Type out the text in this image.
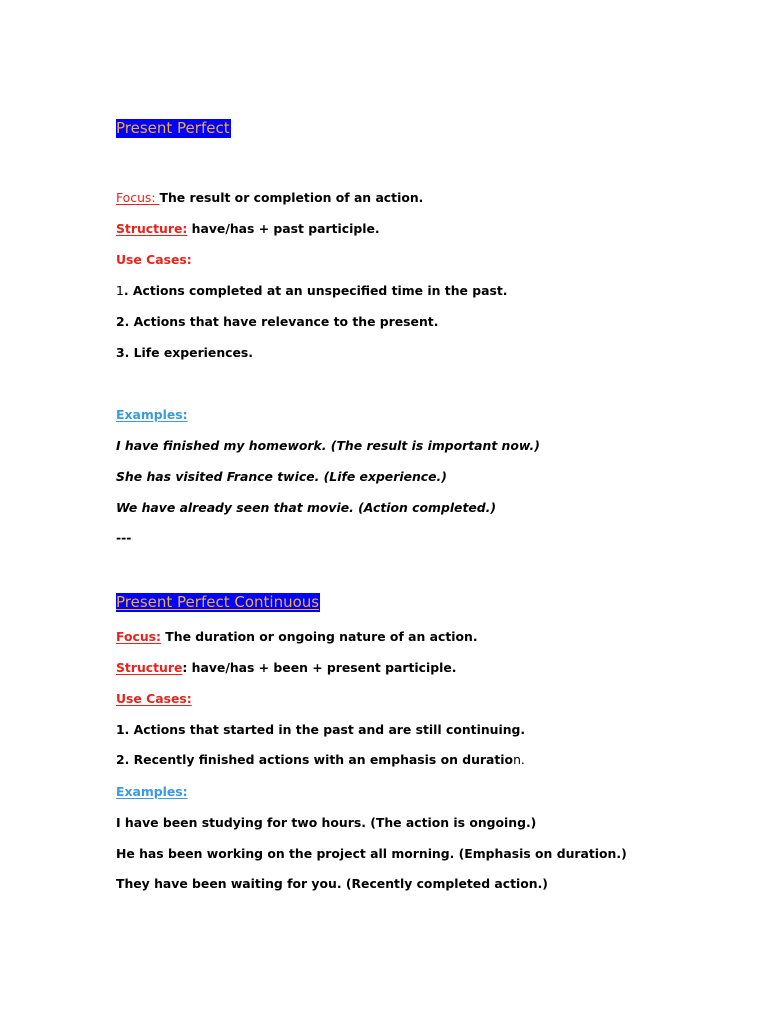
Present Perfect
Focus: The result or completion of an action.
Structure: have/has + past participle.
Use Cases:
1. Actions completed at an unspecified time in the past.
2. Actions that have relevance to the present.
3. Life experiences.
Examples:
I have finished my homework. (The result is important now.)
She has visited France twice. (Life experience.)
We have already seen that movie. (Action completed.)
---
Present Perfect Continuous
Focus: The duration or ongoing nature of an action.
Structure: have/has + been + present participle.
Use Cases:
1. Actions that started in the past and are still continuing.
2. Recently finished actions with an emphasis on duration.
Examples:
I have been studying for two hours. (The action is ongoing.)
He has been working on the project all morning. (Emphasis on duration.)
They have been waiting for you. (Recently completed action.)
